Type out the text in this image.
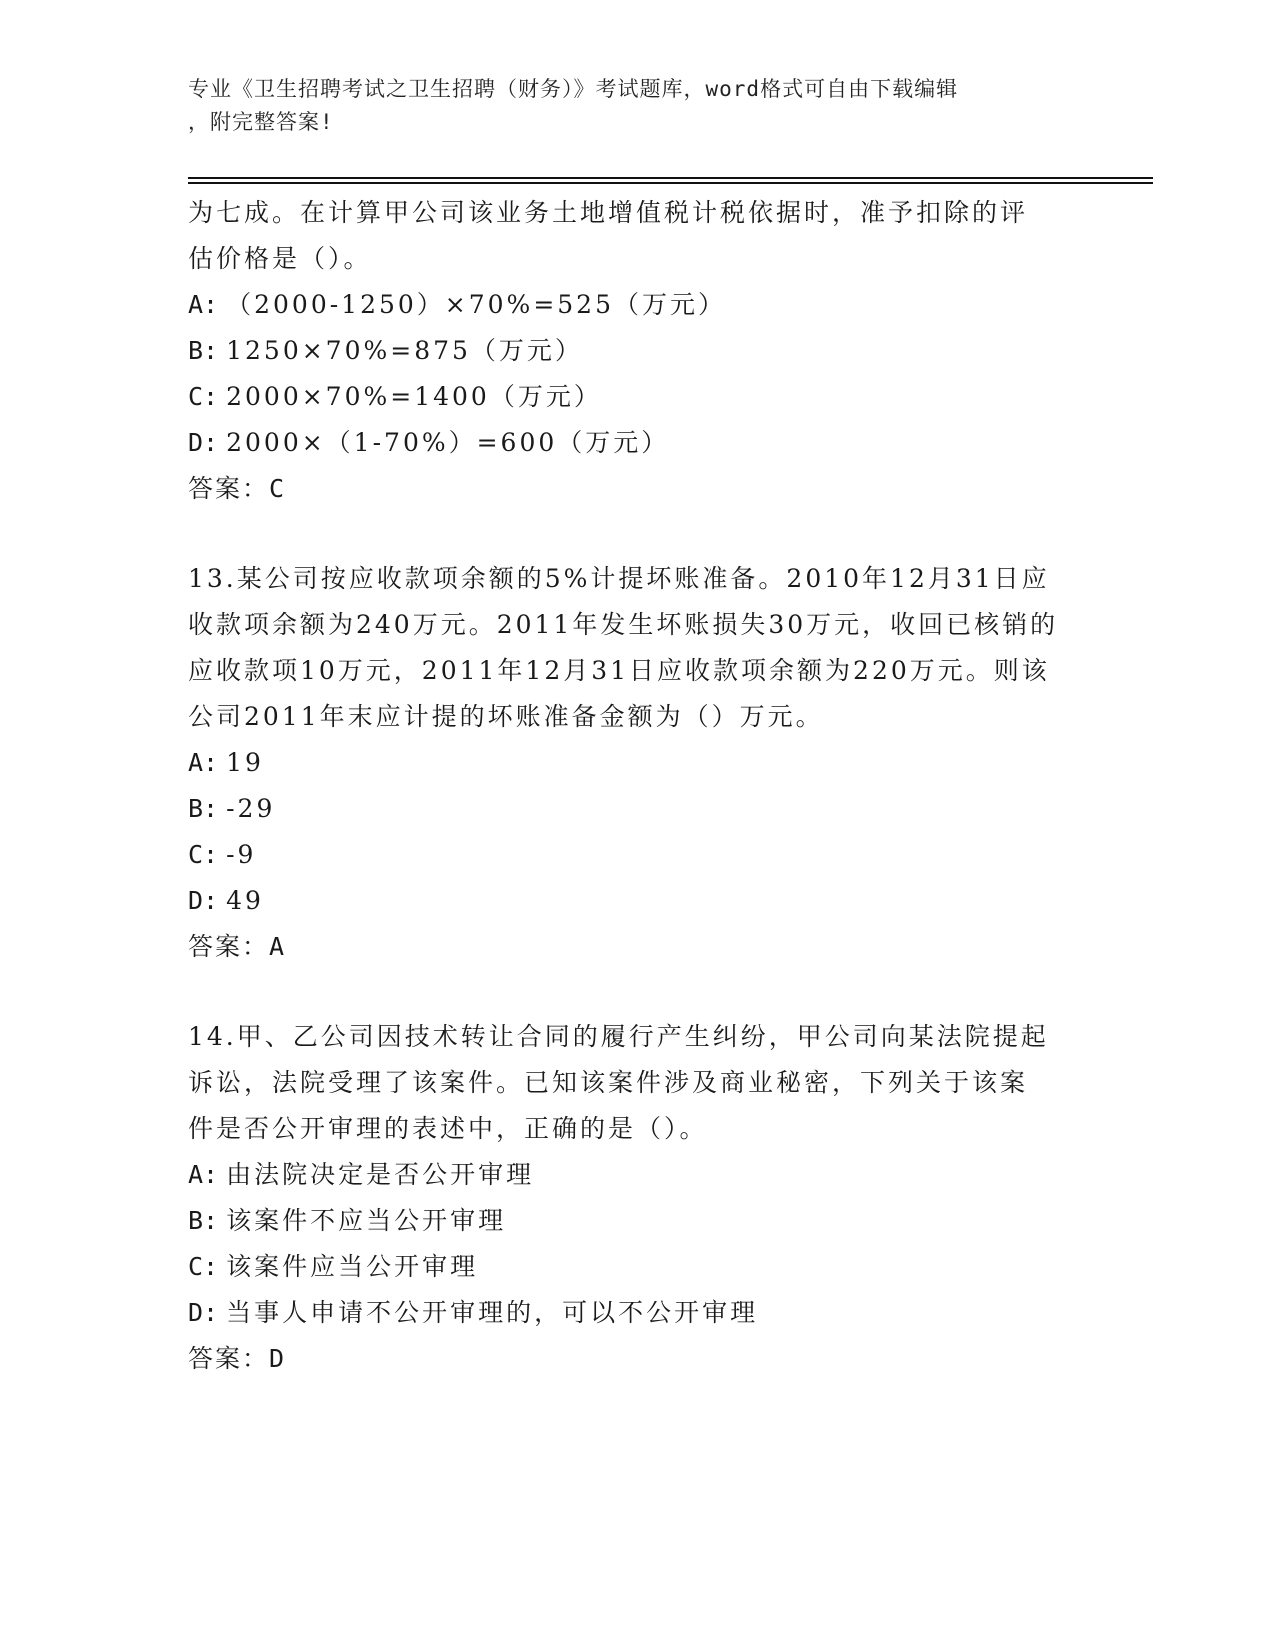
专业《卫生招聘考试之卫生招聘（财务）》考试题库，word格式可自由下载编辑
，附完整答案!
为七成。在计算甲公司该业务土地增值税计税依据时，准予扣除的评
估价格是（）。
A: （2000-1250）×70%=525（万元）
B: 1250×70%=875（万元）
C: 2000×70%=1400（万元）
D: 2000×（1-70%）=600（万元）
答案：C
13.某公司按应收款项余额的5%计提坏账准备。2010年12月31日应
收款项余额为240万元。2011年发生坏账损失30万元，收回已核销的
应收款项10万元，2011年12月31日应收款项余额为220万元。则该
公司2011年末应计提的坏账准备金额为（）万元。
A: 19
B: -29
C: -9
D: 49
答案：A
14.甲、乙公司因技术转让合同的履行产生纠纷，甲公司向某法院提起
诉讼，法院受理了该案件。已知该案件涉及商业秘密，下列关于该案
件是否公开审理的表述中，正确的是（）。
A: 由法院决定是否公开审理
B: 该案件不应当公开审理
C: 该案件应当公开审理
D: 当事人申请不公开审理的，可以不公开审理
答案：D
